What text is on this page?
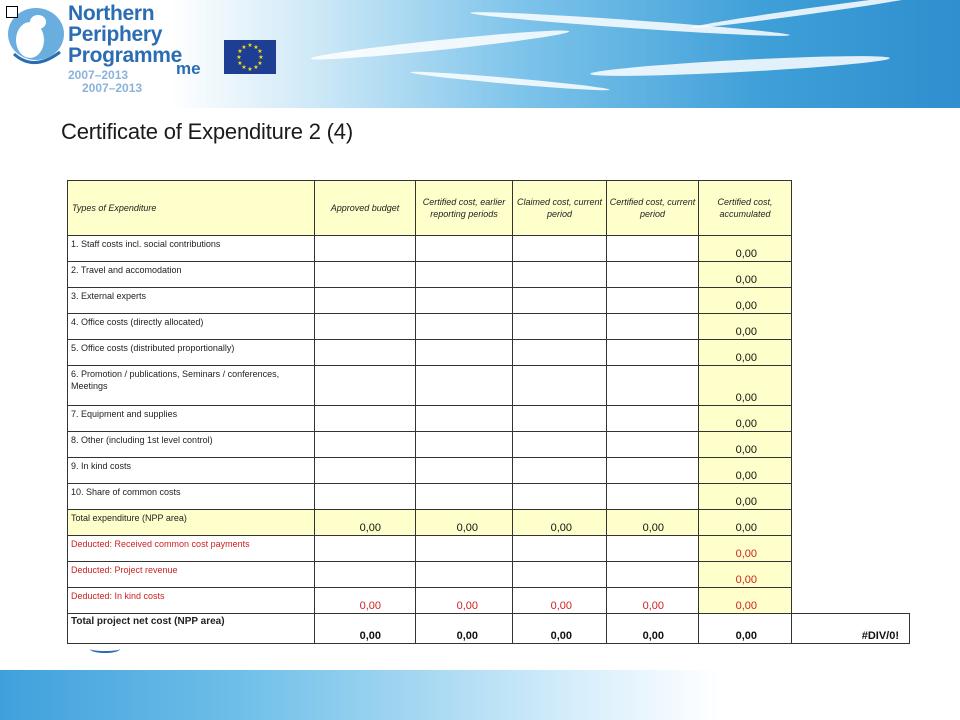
Northern
Periphery
Programme
me
2007–2013
2007–2013
★ ★
★
★
★
★
★
★
★
★
★
★
Certificate of Expenditure 2 (4)
Types of Expenditure	Approved budget	Certified cost, earlier reporting periods	Claimed cost, current period	Certified cost, current period	Certified cost, accumulated	
1. Staff costs incl. social contributions					0,00	

2. Travel and accomodation					0,00	

3. External experts					0,00	

4. Office costs (directly allocated)					0,00	

5. Office costs (distributed proportionally)					0,00	

6. Promotion / publications, Seminars / conferences, Meetings					0,00	

7. Equipment and supplies					0,00	

8. Other (including 1st level control)					0,00	

9. In kind costs					0,00	

10. Share of common costs					0,00	

Total expenditure (NPP area)	0,00	0,00	0,00	0,00	0,00	

Deducted: Received common cost payments					0,00	

Deducted: Project revenue					0,00	

Deducted: In kind costs	0,00	0,00	0,00	0,00	0,00	

Total project net cost (NPP area)	0,00	0,00	0,00	0,00	0,00	#DIV/0!
